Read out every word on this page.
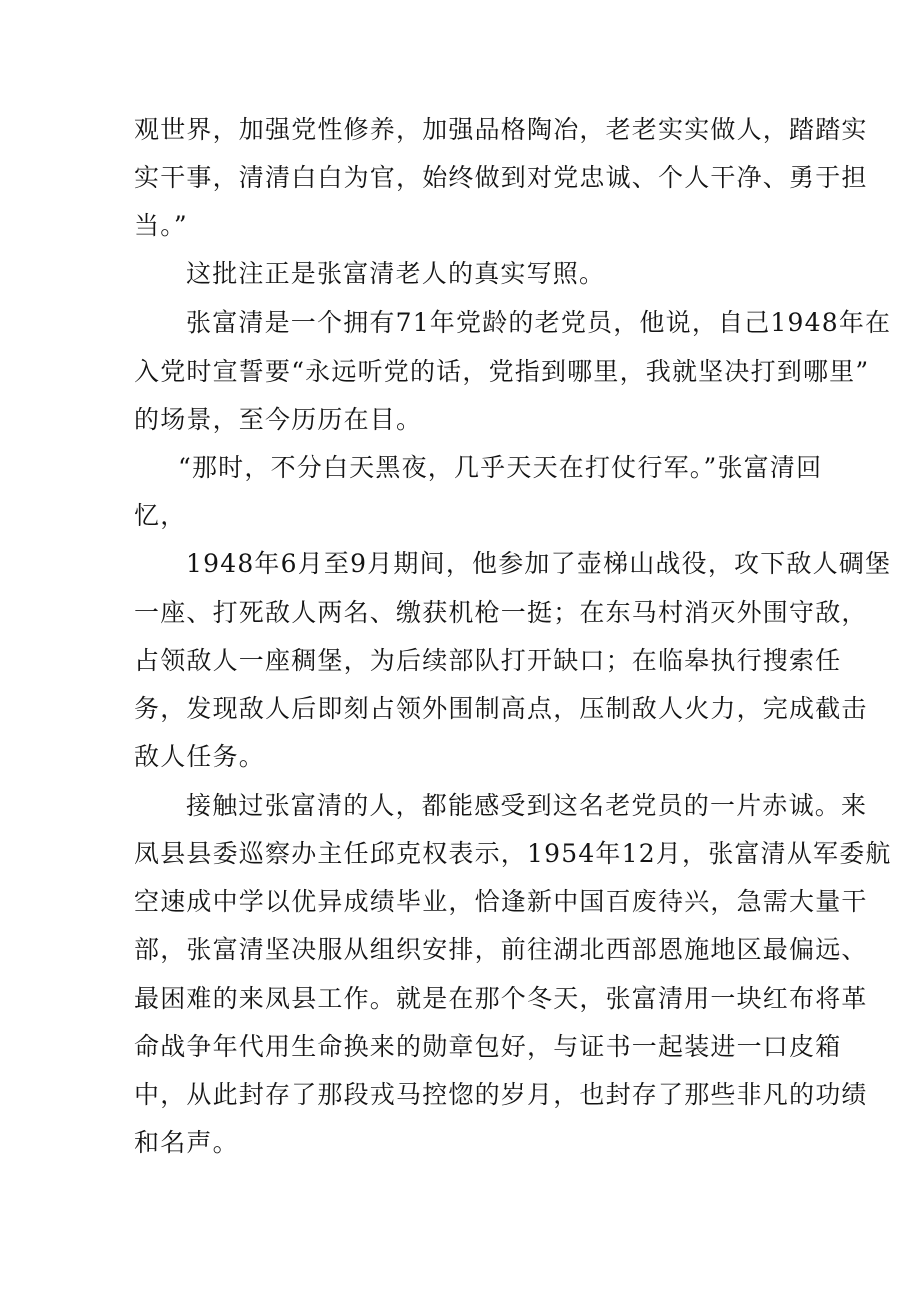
观世界，加强党性修养，加强品格陶冶，老老实实做人，踏踏实
实干事，清清白白为官，始终做到对党忠诚、个人干净、勇于担
当。”
这批注正是张富清老人的真实写照。
张富清是一个拥有71年党龄的老党员，他说，自己1948年在
入党时宣誓要“永远听党的话，党指到哪里，我就坚决打到哪里”
的场景，至今历历在目。
“那时，不分白天黑夜，几乎天天在打仗行军。”张富清回
忆，
1948年6月至9月期间，他参加了壶梯山战役，攻下敌人碉堡
一座、打死敌人两名、缴获机枪一挺；在东马村消灭外围守敌，
占领敌人一座稠堡，为后续部队打开缺口；在临皋执行搜索任
务，发现敌人后即刻占领外围制高点，压制敌人火力，完成截击
敌人任务。
接触过张富清的人，都能感受到这名老党员的一片赤诚。来
凤县县委巡察办主任邱克权表示，1954年12月，张富清从军委航
空速成中学以优异成绩毕业，恰逢新中国百废待兴，急需大量干
部，张富清坚决服从组织安排，前往湖北西部恩施地区最偏远、
最困难的来凤县工作。就是在那个冬天，张富清用一块红布将革
命战争年代用生命换来的勋章包好，与证书一起装进一口皮箱
中，从此封存了那段戎马控惚的岁月，也封存了那些非凡的功绩
和名声。
